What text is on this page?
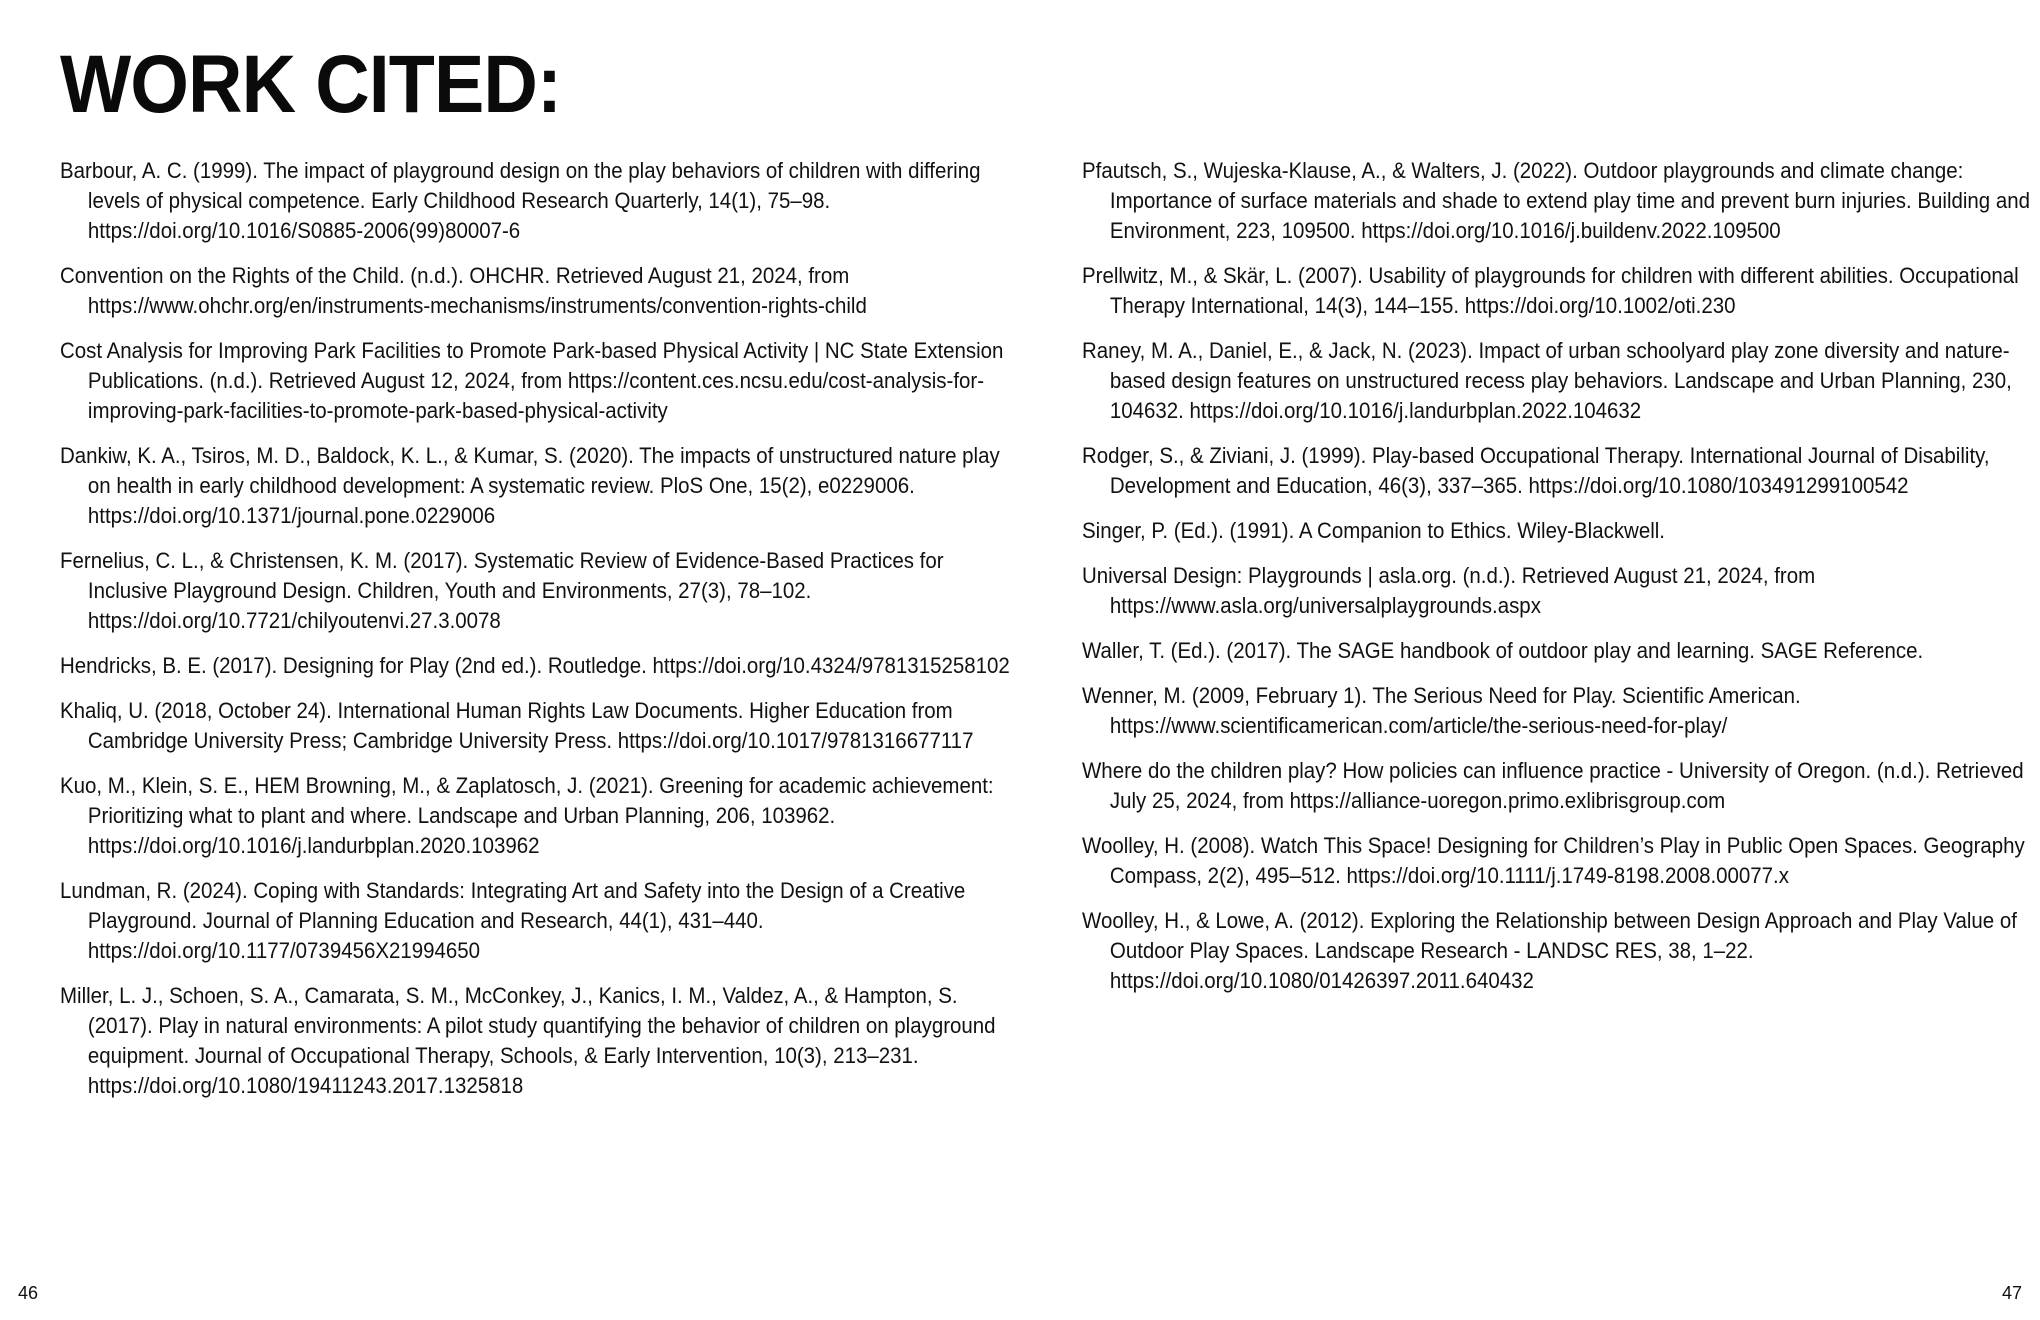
WORK CITED:

Barbour, A. C. (1999). The impact of playground design on the play behaviors of children with differing levels of physical competence. Early Childhood Research Quarterly, 14(1), 75–98. https://doi.org/10.1016/S0885-2006(99)80007-6

Convention on the Rights of the Child. (n.d.). OHCHR. Retrieved August 21, 2024, from https://www.ohchr.org/en/instruments-mechanisms/instruments/convention-rights-child

Cost Analysis for Improving Park Facilities to Promote Park-based Physical Activity | NC State Extension Publications. (n.d.). Retrieved August 12, 2024, from https://content.ces.ncsu.edu/cost-analysis-for-improving-park-facilities-to-promote-park-based-physical-activity

Dankiw, K. A., Tsiros, M. D., Baldock, K. L., & Kumar, S. (2020). The impacts of unstructured nature play on health in early childhood development: A systematic review. PloS One, 15(2), e0229006. https://doi.org/10.1371/journal.pone.0229006

Fernelius, C. L., & Christensen, K. M. (2017). Systematic Review of Evidence-Based Practices for Inclusive Playground Design. Children, Youth and Environments, 27(3), 78–102. https://doi.org/10.7721/chilyoutenvi.27.3.0078

Hendricks, B. E. (2017). Designing for Play (2nd ed.). Routledge. https://doi.org/10.4324/9781315258102

Khaliq, U. (2018, October 24). International Human Rights Law Documents. Higher Education from Cambridge University Press; Cambridge University Press. https://doi.org/10.1017/9781316677117

Kuo, M., Klein, S. E., HEM Browning, M., & Zaplatosch, J. (2021). Greening for academic achievement: Prioritizing what to plant and where. Landscape and Urban Planning, 206, 103962. https://doi.org/10.1016/j.landurbplan.2020.103962

Lundman, R. (2024). Coping with Standards: Integrating Art and Safety into the Design of a Creative Playground. Journal of Planning Education and Research, 44(1), 431–440. https://doi.org/10.1177/0739456X21994650

Miller, L. J., Schoen, S. A., Camarata, S. M., McConkey, J., Kanics, I. M., Valdez, A., & Hampton, S. (2017). Play in natural environments: A pilot study quantifying the behavior of children on playground equipment. Journal of Occupational Therapy, Schools, & Early Intervention, 10(3), 213–231. https://doi.org/10.1080/19411243.2017.1325818

Pfautsch, S., Wujeska-Klause, A., & Walters, J. (2022). Outdoor playgrounds and climate change: Importance of surface materials and shade to extend play time and prevent burn injuries. Building and Environment, 223, 109500. https://doi.org/10.1016/j.buildenv.2022.109500

Prellwitz, M., & Skär, L. (2007). Usability of playgrounds for children with different abilities. Occupational Therapy International, 14(3), 144–155. https://doi.org/10.1002/oti.230

Raney, M. A., Daniel, E., & Jack, N. (2023). Impact of urban schoolyard play zone diversity and nature-based design features on unstructured recess play behaviors. Landscape and Urban Planning, 230, 104632. https://doi.org/10.1016/j.landurbplan.2022.104632

Rodger, S., & Ziviani, J. (1999). Play-based Occupational Therapy. International Journal of Disability, Development and Education, 46(3), 337–365. https://doi.org/10.1080/103491299100542

Singer, P. (Ed.). (1991). A Companion to Ethics. Wiley-Blackwell.

Universal Design: Playgrounds | asla.org. (n.d.). Retrieved August 21, 2024, from https://www.asla.org/universalplaygrounds.aspx

Waller, T. (Ed.). (2017). The SAGE handbook of outdoor play and learning. SAGE Reference.

Wenner, M. (2009, February 1). The Serious Need for Play. Scientific American. https://www.scientificamerican.com/article/the-serious-need-for-play/

Where do the children play? How policies can influence practice - University of Oregon. (n.d.). Retrieved July 25, 2024, from https://alliance-uoregon.primo.exlibrisgroup.com

Woolley, H. (2008). Watch This Space! Designing for Children’s Play in Public Open Spaces. Geography Compass, 2(2), 495–512. https://doi.org/10.1111/j.1749-8198.2008.00077.x

Woolley, H., & Lowe, A. (2012). Exploring the Relationship between Design Approach and Play Value of Outdoor Play Spaces. Landscape Research - LANDSC RES, 38, 1–22. https://doi.org/10.1080/01426397.2011.640432

46	47
